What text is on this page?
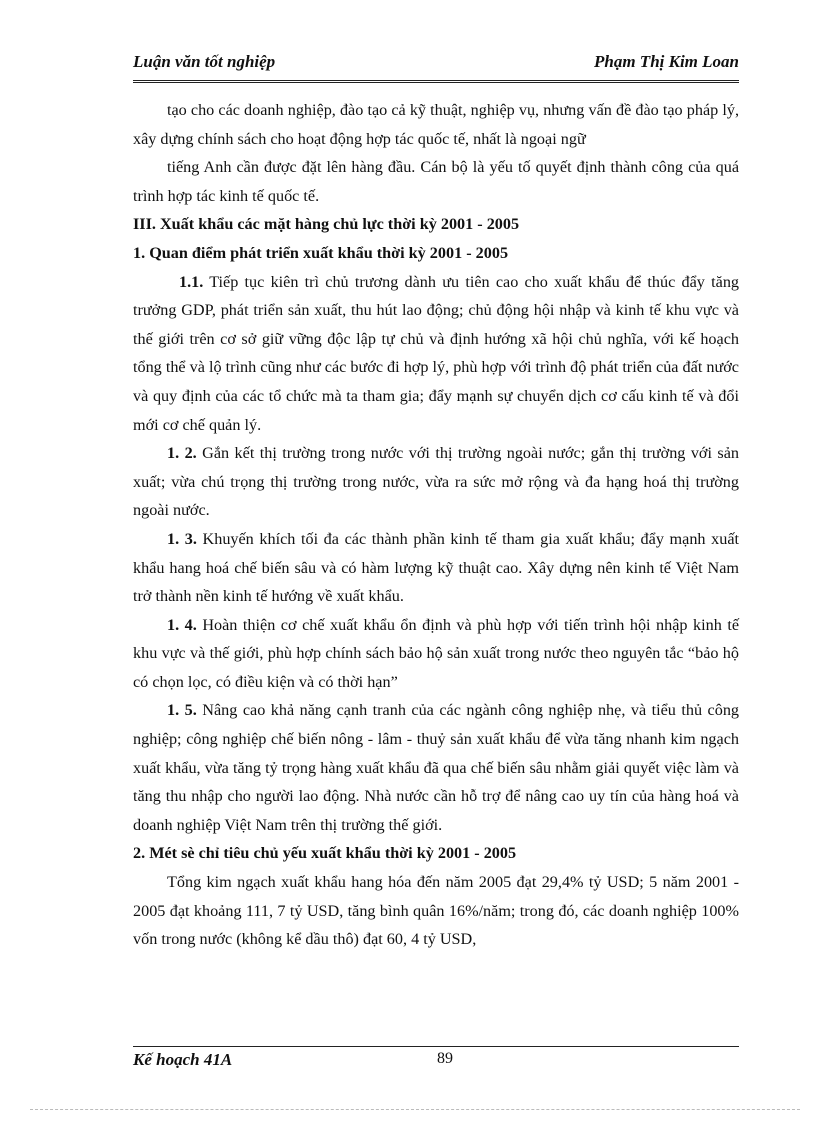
Luận văn tốt nghiệp	Phạm Thị Kim Loan

tạo cho các doanh nghiệp, đào tạo cả kỹ thuật, nghiệp vụ, nhưng vấn đề đào tạo pháp lý, xây dựng chính sách cho hoạt động hợp tác quốc tế, nhất là ngoại ngữ

tiếng Anh cần được đặt lên hàng đầu. Cán bộ là yếu tố quyết định thành công của quá trình hợp tác kinh tế quốc tế.

III. Xuất khẩu các mặt hàng chủ lực thời kỳ 2001 - 2005

1. Quan điểm phát triển xuất khẩu thời kỳ 2001 - 2005

1.1. Tiếp tục kiên trì chủ trương dành ưu tiên cao cho xuất khẩu để thúc đẩy tăng trưởng GDP, phát triển sản xuất, thu hút lao động; chủ động hội nhập và kinh tế khu vực và thế giới trên cơ sở giữ vững độc lập tự chủ và định hướng xã hội chủ nghĩa, với kế hoạch tổng thể và lộ trình cũng như các bước đi hợp lý, phù hợp với trình độ phát triển của đất nước và quy định của các tổ chức mà ta tham gia; đẩy mạnh sự chuyển dịch cơ cấu kinh tế và đổi mới cơ chế quản lý.

1. 2. Gắn kết thị trường trong nước với thị trường ngoài nước; gắn thị trường với sản xuất; vừa chú trọng thị trường trong nước, vừa ra sức mở rộng và đa hạng hoá thị trường ngoài nước.

1. 3. Khuyến khích tối đa các thành phần kinh tế tham gia xuất khẩu; đẩy mạnh xuất khẩu hang hoá chế biến sâu và có hàm lượng kỹ thuật cao. Xây dựng nên kinh tế Việt Nam trở thành nền kinh tế hướng về xuất khẩu.

1. 4. Hoàn thiện cơ chế xuất khẩu ổn định và phù hợp với tiến trình hội nhập kinh tế khu vực và thế giới, phù hợp chính sách bảo hộ sản xuất trong nước theo nguyên tắc “bảo hộ có chọn lọc, có điều kiện và có thời hạn”

1. 5. Nâng cao khả năng cạnh tranh của các ngành công nghiệp nhẹ, và tiểu thủ công nghiệp; công nghiệp chế biến nông - lâm - thuỷ sản xuất khẩu để vừa tăng nhanh kim ngạch xuất khẩu, vừa tăng tỷ trọng hàng xuất khẩu đã qua chế biến sâu nhằm giải quyết việc làm và tăng thu nhập cho người lao động. Nhà nước cần hỗ trợ để nâng cao uy tín của hàng hoá và doanh nghiệp Việt Nam trên thị trường thế giới.

2. Mét sè chỉ tiêu chủ yếu xuất khẩu thời kỳ 2001 - 2005

Tổng kim ngạch xuất khẩu hang hóa đến năm 2005 đạt 29,4% tỷ USD; 5 năm 2001 - 2005 đạt khoảng 111, 7 tỷ USD, tăng bình quân 16%/năm; trong đó, các doanh nghiệp 100% vốn trong nước (không kể dầu thô) đạt 60, 4 tỷ USD,

Kế hoạch 41A	89
